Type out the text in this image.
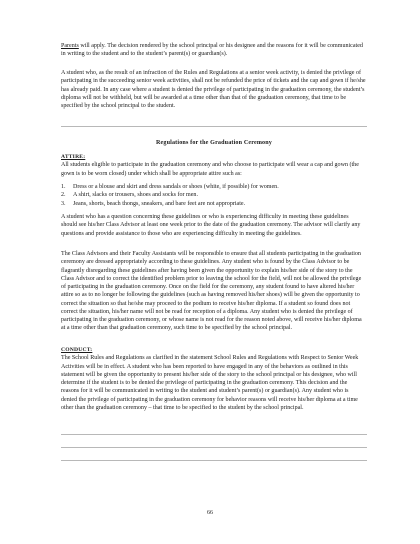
Parents will apply. The decision rendered by the school principal or his designee and the reasons for it will be communicated in writing to the student and to the student’s parent(s) or guardian(s).

A student who, as the result of an infraction of the Rules and Regulations at a senior week activity, is denied the privilege of participating in the succeeding senior week activities, shall not be refunded the price of tickets and the cap and gown if he/she has already paid. In any case where a student is denied the privilege of participating in the graduation ceremony, the student’s diploma will not be withheld, but will be awarded at a time other than that of the graduation ceremony, that time to be specified by the school principal to the student.

Regulations for the Graduation Ceremony

ATTIRE:

All students eligible to participate in the graduation ceremony and who choose to participate will wear a cap and gown (the gown is to be worn closed) under which shall be appropriate attire such as:

1.	Dress or a blouse and skirt and dress sandals or shoes (white, if possible) for women.
2.	A shirt, slacks or trousers, shoes and socks for men.
3.	Jeans, shorts, beach thongs, sneakers, and bare feet are not appropriate.

A student who has a question concerning these guidelines or who is experiencing difficulty in meeting these guidelines should see his/her Class Advisor at least one week prior to the date of the graduation ceremony. The advisor will clarify any questions and provide assistance to those who are experiencing difficulty in meeting the guidelines.

The Class Advisors and their Faculty Assistants will be responsible to ensure that all students participating in the graduation ceremony are dressed appropriately according to these guidelines. Any student who is found by the Class Advisor to be flagrantly disregarding these guidelines after having been given the opportunity to explain his/her side of the story to the Class Advisor and to correct the identified problem prior to leaving the school for the field, will not be allowed the privilege of participating in the graduation ceremony. Once on the field for the ceremony, any student found to have altered his/her attire so as to no longer be following the guidelines (such as having removed his/her shoes) will be given the opportunity to correct the situation so that he/she may proceed to the podium to receive his/her diploma. If a student so found does not correct the situation, his/her name will not be read for reception of a diploma. Any student who is denied the privilege of participating in the graduation ceremony, or whose name is not read for the reason noted above, will receive his/her diploma at a time other than that graduation ceremony, such time to be specified by the school principal.

CONDUCT:

The School Rules and Regulations as clarified in the statement School Rules and Regulations with Respect to Senior Week Activities will be in effect. A student who has been reported to have engaged in any of the behaviors as outlined in this statement will be given the opportunity to present his/her side of the story to the school principal or his designee, who will determine if the student is to be denied the privilege of participating in the graduation ceremony. This decision and the reasons for it will be communicated in writing to the student and student’s parent(s) or guardian(s). Any student who is denied the privilege of participating in the graduation ceremony for behavior reasons will receive his/her diploma at a time other than the graduation ceremony – that time to be specified to the student by the school principal.

66
